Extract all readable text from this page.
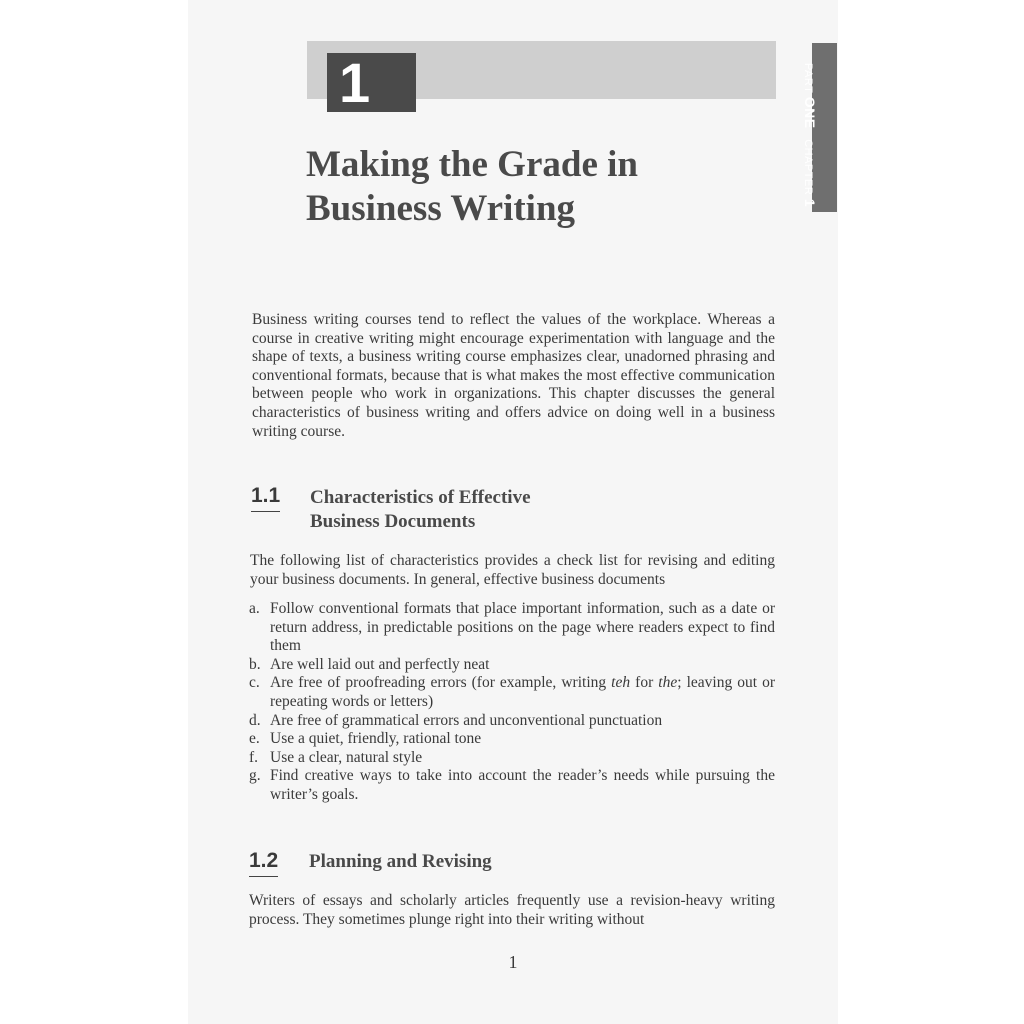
1	PART ONE   CHAPTER 1
Making the Grade in
Business Writing

Business writing courses tend to reflect the values of the workplace. Whereas a course in creative writing might encourage experimentation with language and the shape of texts, a business writing course emphasizes clear, unadorned phrasing and conventional formats, because that is what makes the most effective communication between people who work in organizations. This chapter discusses the general characteristics of business writing and offers advice on doing well in a business writing course.

1.1 Characteristics of Effective
Business Documents

The following list of characteristics provides a check list for revising and editing your business documents. In general, effective business documents

a. Follow conventional formats that place important information, such as a date or return address, in predictable positions on the page where readers expect to find them
b. Are well laid out and perfectly neat
c. Are free of proofreading errors (for example, writing teh for the; leaving out or repeating words or letters)
d. Are free of grammatical errors and unconventional punctuation
e. Use a quiet, friendly, rational tone
f. Use a clear, natural style
g. Find creative ways to take into account the reader’s needs while pursuing the writer’s goals.
1.2 Planning and Revising

Writers of essays and scholarly articles frequently use a revision-heavy writing process. They sometimes plunge right into their writing without

1
